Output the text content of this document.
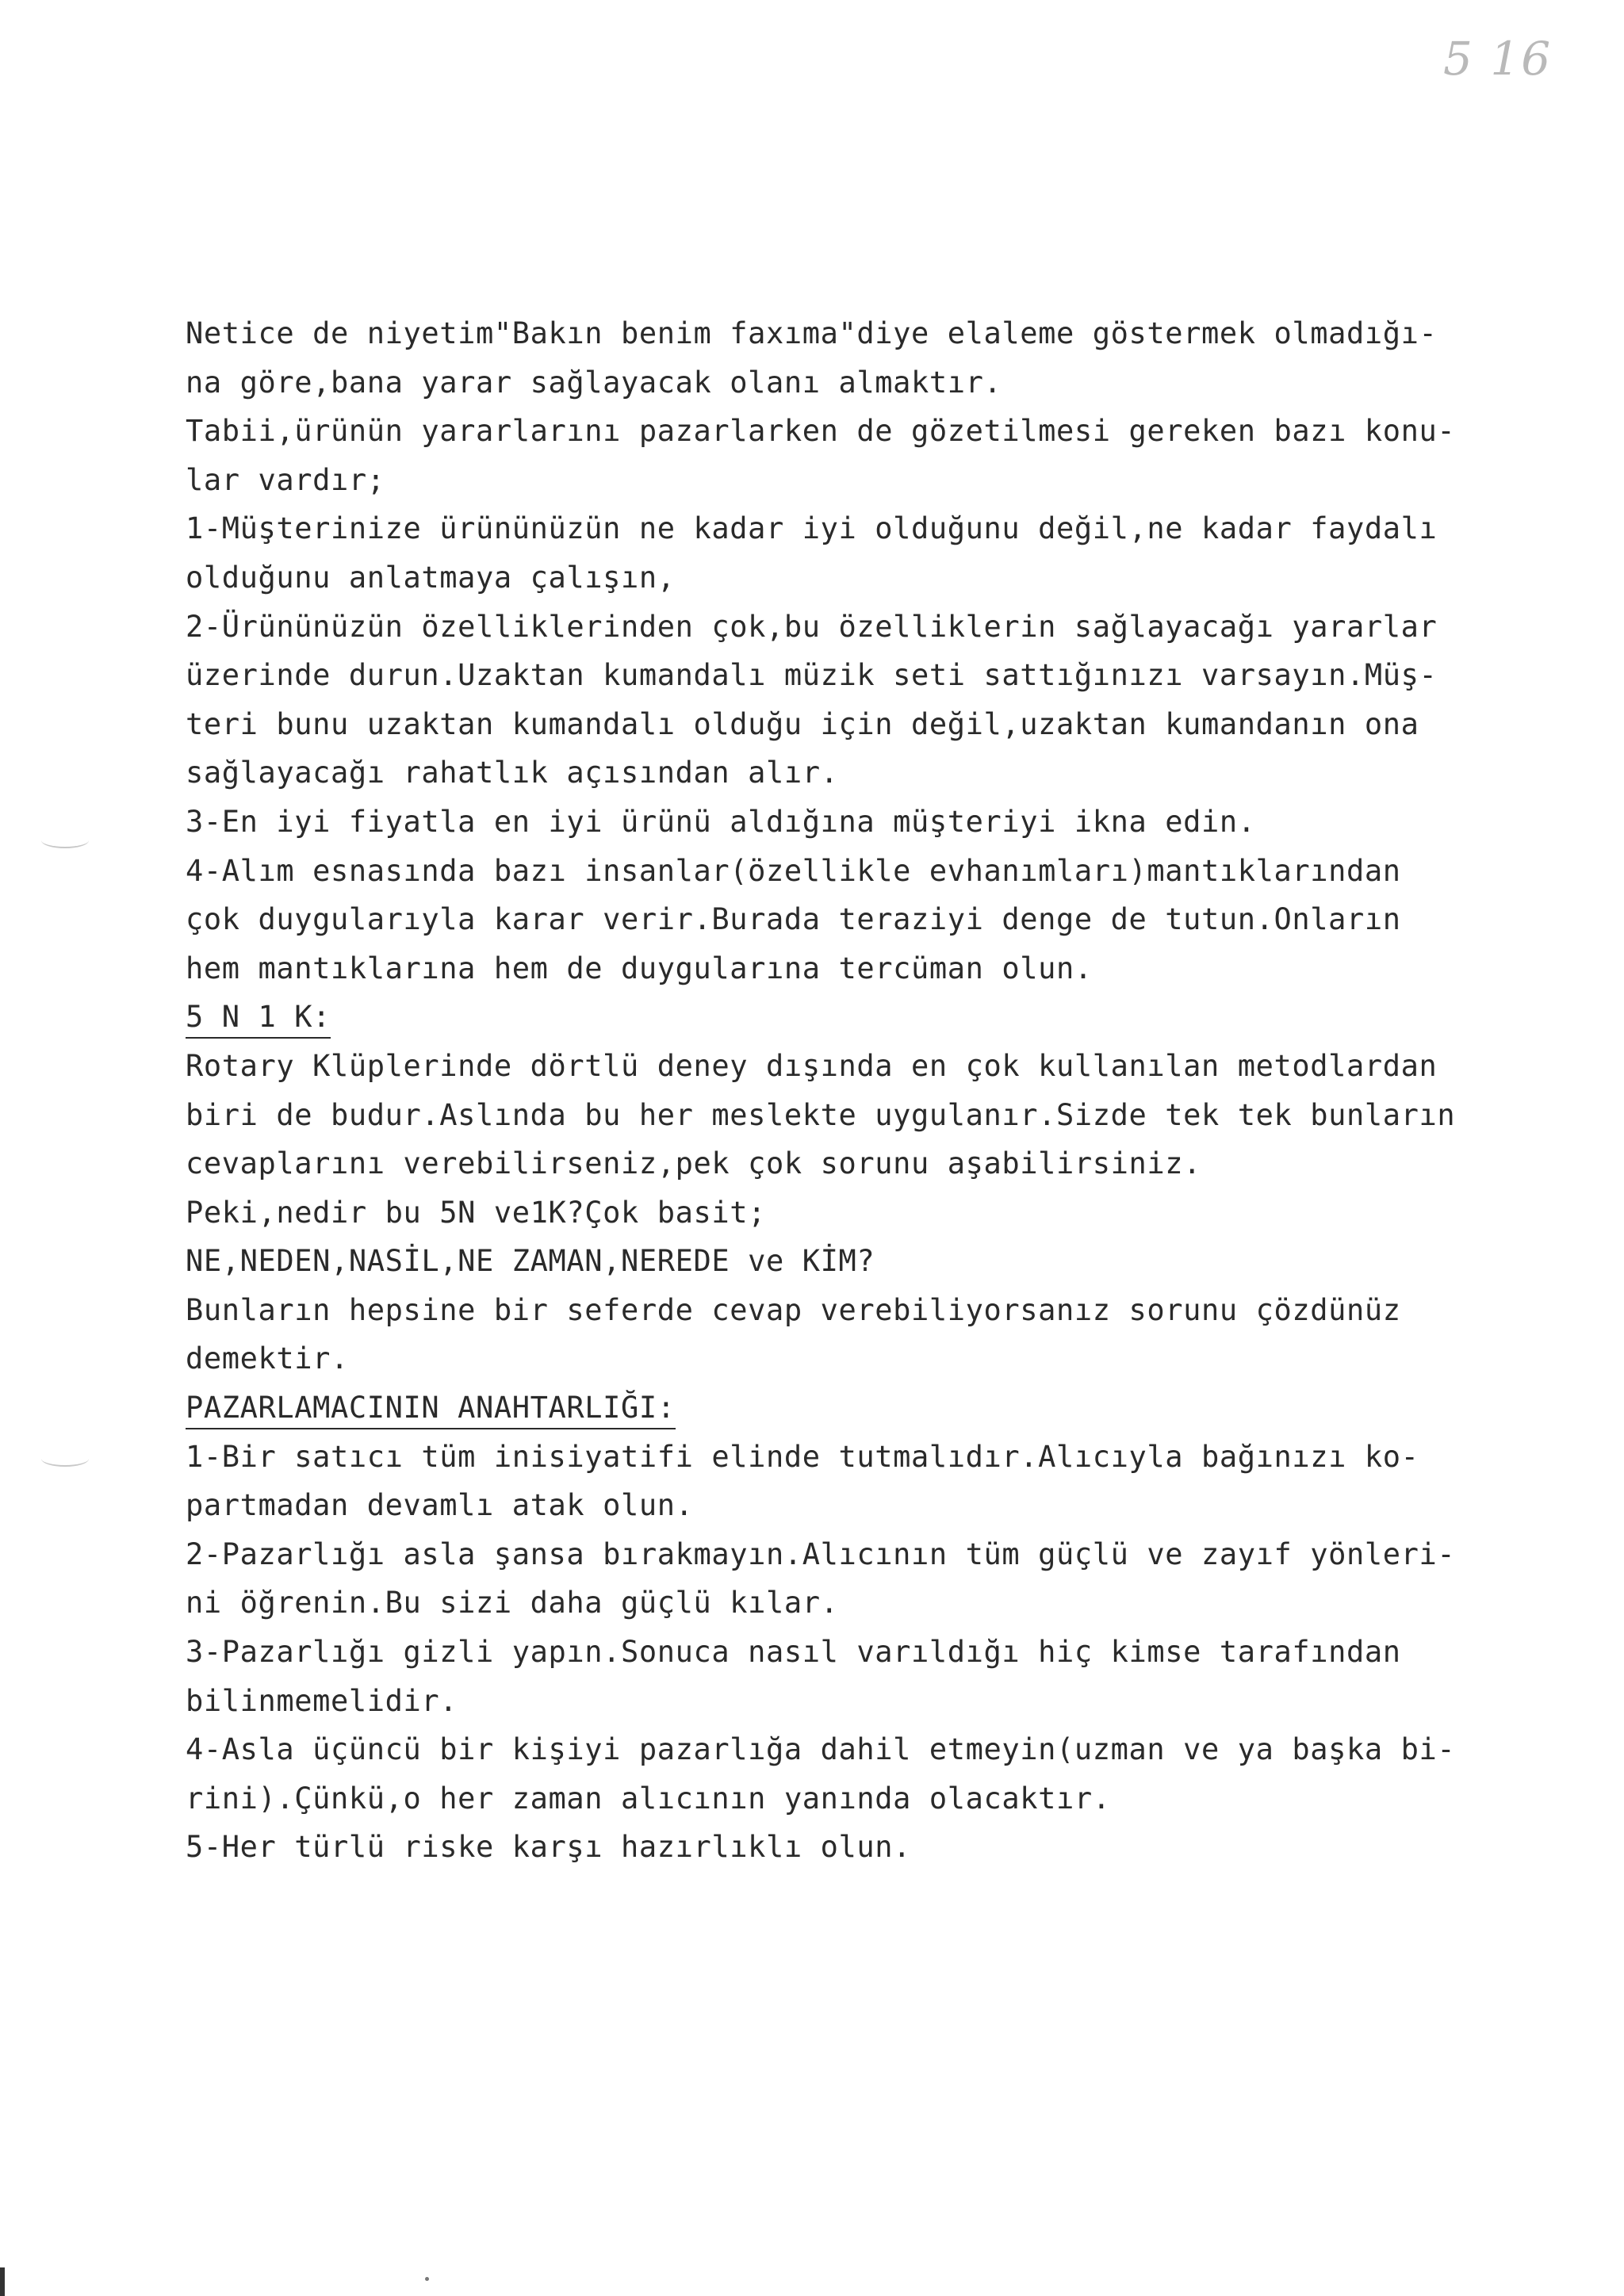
5 16
Netice de niyetim"Bakın benim faxıma"diye elaleme göstermek olmadığı-
na göre,bana yarar sağlayacak olanı almaktır.
Tabii,ürünün yararlarını pazarlarken de gözetilmesi gereken bazı konu-
lar vardır;
1-Müşterinize ürününüzün ne kadar iyi olduğunu değil,ne kadar faydalı
olduğunu anlatmaya çalışın,
2-Ürününüzün özelliklerinden çok,bu özelliklerin sağlayacağı yararlar
üzerinde durun.Uzaktan kumandalı müzik seti sattığınızı varsayın.Müş-
teri bunu uzaktan kumandalı olduğu için değil,uzaktan kumandanın ona
sağlayacağı rahatlık açısından alır.
3-En iyi fiyatla en iyi ürünü aldığına müşteriyi ikna edin.
4-Alım esnasında bazı insanlar(özellikle evhanımları)mantıklarından
çok duygularıyla karar verir.Burada teraziyi denge de tutun.Onların
hem mantıklarına hem de duygularına tercüman olun.
5 N 1 K:
Rotary Klüplerinde dörtlü deney dışında en çok kullanılan metodlardan
biri de budur.Aslında bu her meslekte uygulanır.Sizde tek tek bunların
cevaplarını verebilirseniz,pek çok sorunu aşabilirsiniz.
Peki,nedir bu 5N ve1K?Çok basit;
NE,NEDEN,NASİL,NE ZAMAN,NEREDE ve KİM?
Bunların hepsine bir seferde cevap verebiliyorsanız sorunu çözdünüz
demektir.
PAZARLAMACININ ANAHTARLIĞI:
1-Bir satıcı tüm inisiyatifi elinde tutmalıdır.Alıcıyla bağınızı ko-
partmadan devamlı atak olun.
2-Pazarlığı asla şansa bırakmayın.Alıcının tüm güçlü ve zayıf yönleri-
ni öğrenin.Bu sizi daha güçlü kılar.
3-Pazarlığı gizli yapın.Sonuca nasıl varıldığı hiç kimse tarafından
bilinmemelidir.
4-Asla üçüncü bir kişiyi pazarlığa dahil etmeyin(uzman ve ya başka bi-
rini).Çünkü,o her zaman alıcının yanında olacaktır.
5-Her türlü riske karşı hazırlıklı olun.
